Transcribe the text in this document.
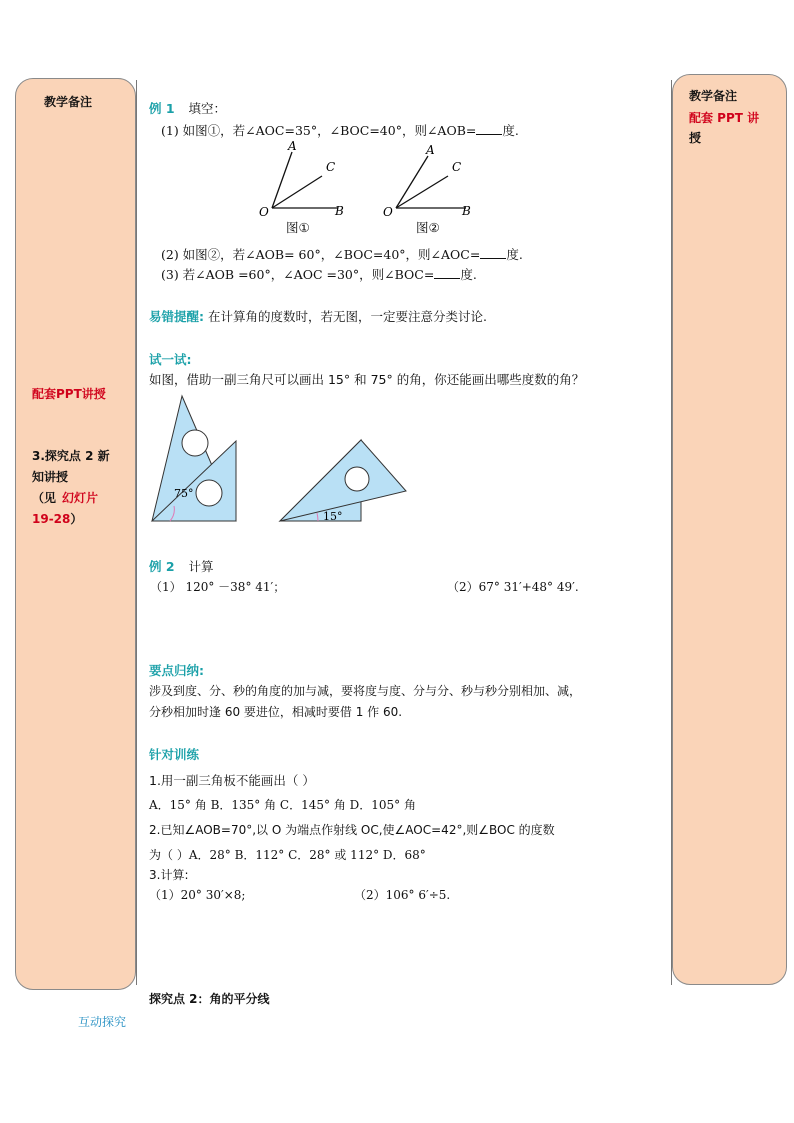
教学备注
配套PPT讲授
3.探究点 2 新
知讲授
（见 幻灯片
19-28）
教学备注
配套 PPT 讲
授
例 1 填空：
(1) 如图①，若∠AOC=35°，∠BOC=40°，则∠AOB= 度.
A
C
B
O
A
C
B
O
75°
15°
图①	图②
(2) 如图②，若∠AOB= 60°，∠BOC=40°，则∠AOC= 度.
(3) 若∠AOB =60°，∠AOC =30°，则∠BOC= 度.
易错提醒: 在计算角的度数时，若无图，一定要注意分类讨论.
试一试:
如图，借助一副三角尺可以画出 15° 和 75° 的角，你还能画出哪些度数的角？
例 2 计算
（1） 120° －38° 41′；	（2）67° 31′+48° 49′.
要点归纳:
涉及到度、分、秒的角度的加与减，要将度与度、分与分、秒与秒分别相加、减，
分秒相加时逢 60 要进位，相减时要借 1 作 60.
针对训练
1.用一副三角板不能画出（ ）
A．15° 角 B．135° 角 C．145° 角 D．105° 角
2.已知∠AOB=70°,以 O 为端点作射线 OC,使∠AOC=42°,则∠BOC 的度数
为（ ）A．28° B．112° C．28° 或 112° D．68°
3.计算:
（1）20° 30′×8;	（2）106° 6′÷5.
探究点 2：角的平分线
互动探究
